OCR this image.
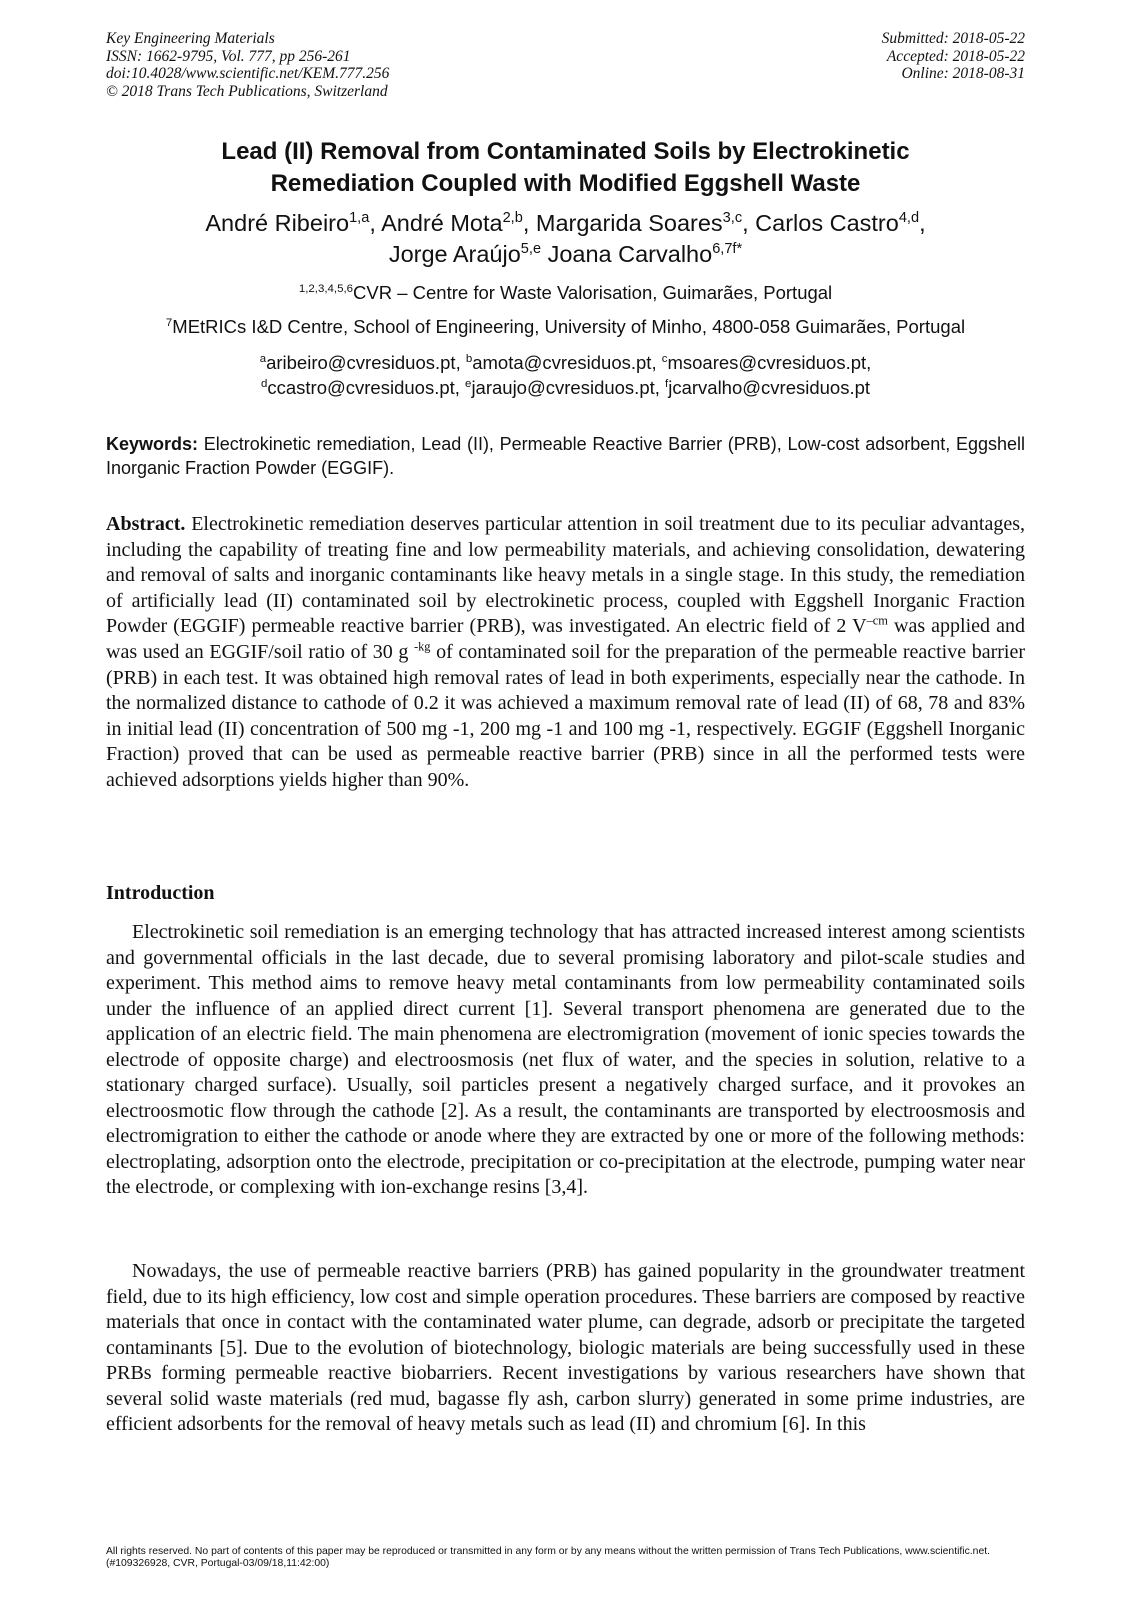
Key Engineering Materials
ISSN: 1662-9795, Vol. 777, pp 256-261
doi:10.4028/www.scientific.net/KEM.777.256
© 2018 Trans Tech Publications, Switzerland
Submitted: 2018-05-22
Accepted: 2018-05-22
Online: 2018-08-31
Lead (II) Removal from Contaminated Soils by Electrokinetic
Remediation Coupled with Modified Eggshell Waste
André Ribeiro$^{1,a}$, André Mota$^{2,b}$, Margarida Soares$^{3,c}$, Carlos Castro$^{4,d}$,
Jorge Araújo$^{5,e}$ Joana Carvalho$^{6,7f*}$
$^{1,2,3,4,5,6}$CVR – Centre for Waste Valorisation, Guimarães, Portugal
$^7$MEtRICs I&D Centre, School of Engineering, University of Minho, 4800-058 Guimarães, Portugal
$^a$aribeiro@cvresiduos.pt, $^b$amota@cvresiduos.pt, $^c$msoares@cvresiduos.pt,
$^d$ccastro@cvresiduos.pt, $^e$jaraujo@cvresiduos.pt, $^f$jcarvalho@cvresiduos.pt
Keywords: Electrokinetic remediation, Lead (II), Permeable Reactive Barrier (PRB), Low-cost adsorbent, Eggshell Inorganic Fraction Powder (EGGIF).
Abstract. Electrokinetic remediation deserves particular attention in soil treatment due to its peculiar advantages, including the capability of treating fine and low permeability materials, and achieving consolidation, dewatering and removal of salts and inorganic contaminants like heavy metals in a single stage. In this study, the remediation of artificially lead (II) contaminated soil by electrokinetic process, coupled with Eggshell Inorganic Fraction Powder (EGGIF) permeable reactive barrier (PRB), was investigated. An electric field of 2 $V^{-cm}$ was applied and was used an EGGIF/soil ratio of 30 g $^{-kg}$ of contaminated soil for the preparation of the permeable reactive barrier (PRB) in each test. It was obtained high removal rates of lead in both experiments, especially near the cathode. In the normalized distance to cathode of 0.2 it was achieved a maximum removal rate of lead (II) of 68, 78 and 83% in initial lead (II) concentration of 500 mg -1, 200 mg -1 and 100 mg -1, respectively. EGGIF (Eggshell Inorganic Fraction) proved that can be used as permeable reactive barrier (PRB) since in all the performed tests were achieved adsorptions yields higher than 90%.
Introduction
Electrokinetic soil remediation is an emerging technology that has attracted increased interest among scientists and governmental officials in the last decade, due to several promising laboratory and pilot-scale studies and experiment. This method aims to remove heavy metal contaminants from low permeability contaminated soils under the influence of an applied direct current [1]. Several transport phenomena are generated due to the application of an electric field. The main phenomena are electromigration (movement of ionic species towards the electrode of opposite charge) and electroosmosis (net flux of water, and the species in solution, relative to a stationary charged surface). Usually, soil particles present a negatively charged surface, and it provokes an electroosmotic flow through the cathode [2]. As a result, the contaminants are transported by electroosmosis and electromigration to either the cathode or anode where they are extracted by one or more of the following methods: electroplating, adsorption onto the electrode, precipitation or co-precipitation at the electrode, pumping water near the electrode, or complexing with ion-exchange resins [3,4].
Nowadays, the use of permeable reactive barriers (PRB) has gained popularity in the groundwater treatment field, due to its high efficiency, low cost and simple operation procedures. These barriers are composed by reactive materials that once in contact with the contaminated water plume, can degrade, adsorb or precipitate the targeted contaminants [5]. Due to the evolution of biotechnology, biologic materials are being successfully used in these PRBs forming permeable reactive biobarriers. Recent investigations by various researchers have shown that several solid waste materials (red mud, bagasse fly ash, carbon slurry) generated in some prime industries, are efficient adsorbents for the removal of heavy metals such as lead (II) and chromium [6]. In this
All rights reserved. No part of contents of this paper may be reproduced or transmitted in any form or by any means without the written permission of Trans Tech Publications, www.scientific.net. (#109326928, CVR, Portugal-03/09/18,11:42:00)
